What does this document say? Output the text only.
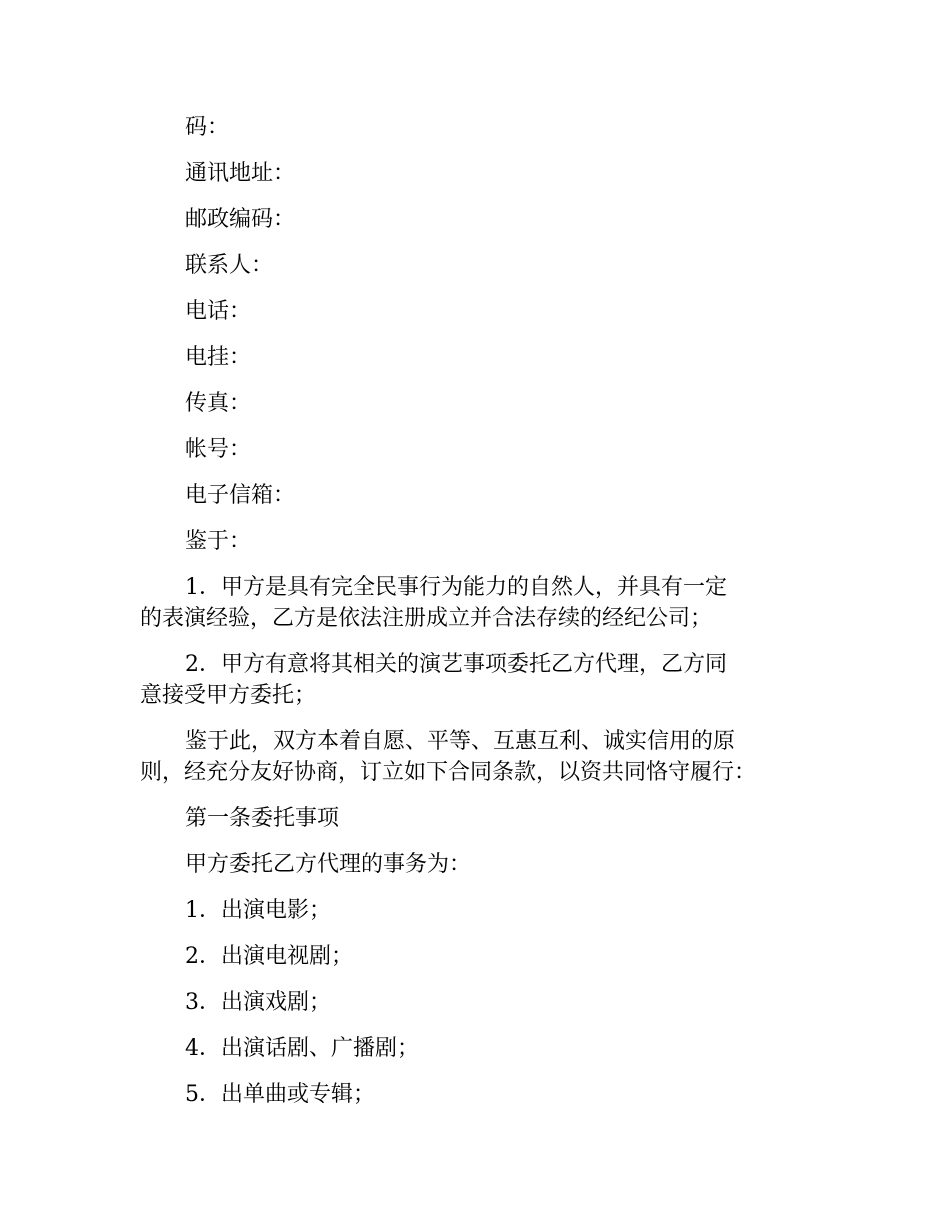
码：
通讯地址：
邮政编码：
联系人：
电话：
电挂：
传真：
帐号：
电子信箱：
鉴于：
1．甲方是具有完全民事行为能力的自然人，并具有一定
的表演经验，乙方是依法注册成立并合法存续的经纪公司；
2．甲方有意将其相关的演艺事项委托乙方代理，乙方同
意接受甲方委托；
鉴于此，双方本着自愿、平等、互惠互利、诚实信用的原
则，经充分友好协商，订立如下合同条款，以资共同恪守履行：
第一条委托事项
甲方委托乙方代理的事务为：
1．出演电影；
2．出演电视剧；
3．出演戏剧；
4．出演话剧、广播剧；
5．出单曲或专辑；
